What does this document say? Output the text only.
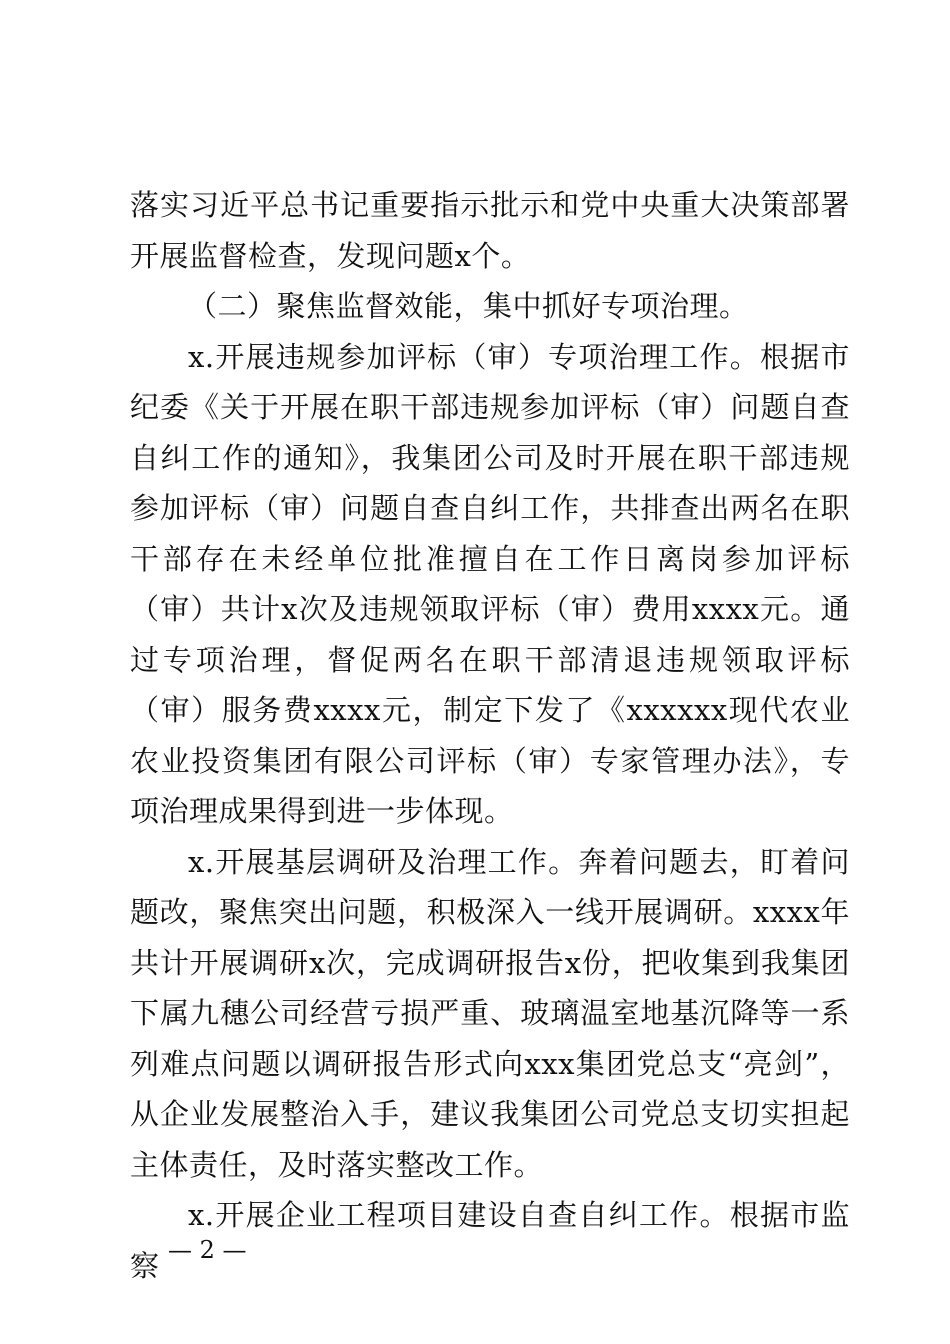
落实习近平总书记重要指示批示和党中央重大决策部署开展监督检查，发现问题x个。

（二）聚焦监督效能，集中抓好专项治理。

x.开展违规参加评标（审）专项治理工作。根据市纪委《关于开展在职干部违规参加评标（审）问题自查自纠工作的通知》，我集团公司及时开展在职干部违规参加评标（审）问题自查自纠工作，共排查出两名在职干部存在未经单位批准擅自在工作日离岗参加评标（审）共计x次及违规领取评标（审）费用xxxx元。通过专项治理，督促两名在职干部清退违规领取评标（审）服务费xxxx元，制定下发了《xxxxxx现代农业农业投资集团有限公司评标（审）专家管理办法》，专项治理成果得到进一步体现。

x.开展基层调研及治理工作。奔着问题去，盯着问题改，聚焦突出问题，积极深入一线开展调研。xxxx年共计开展调研x次，完成调研报告x份，把收集到我集团下属九穗公司经营亏损严重、玻璃温室地基沉降等一系列难点问题以调研报告形式向xxx集团党总支“亮剑”，从企业发展整治入手，建议我集团公司党总支切实担起主体责任，及时落实整改工作。

x.开展企业工程项目建设自查自纠工作。根据市监察 — 2 —
